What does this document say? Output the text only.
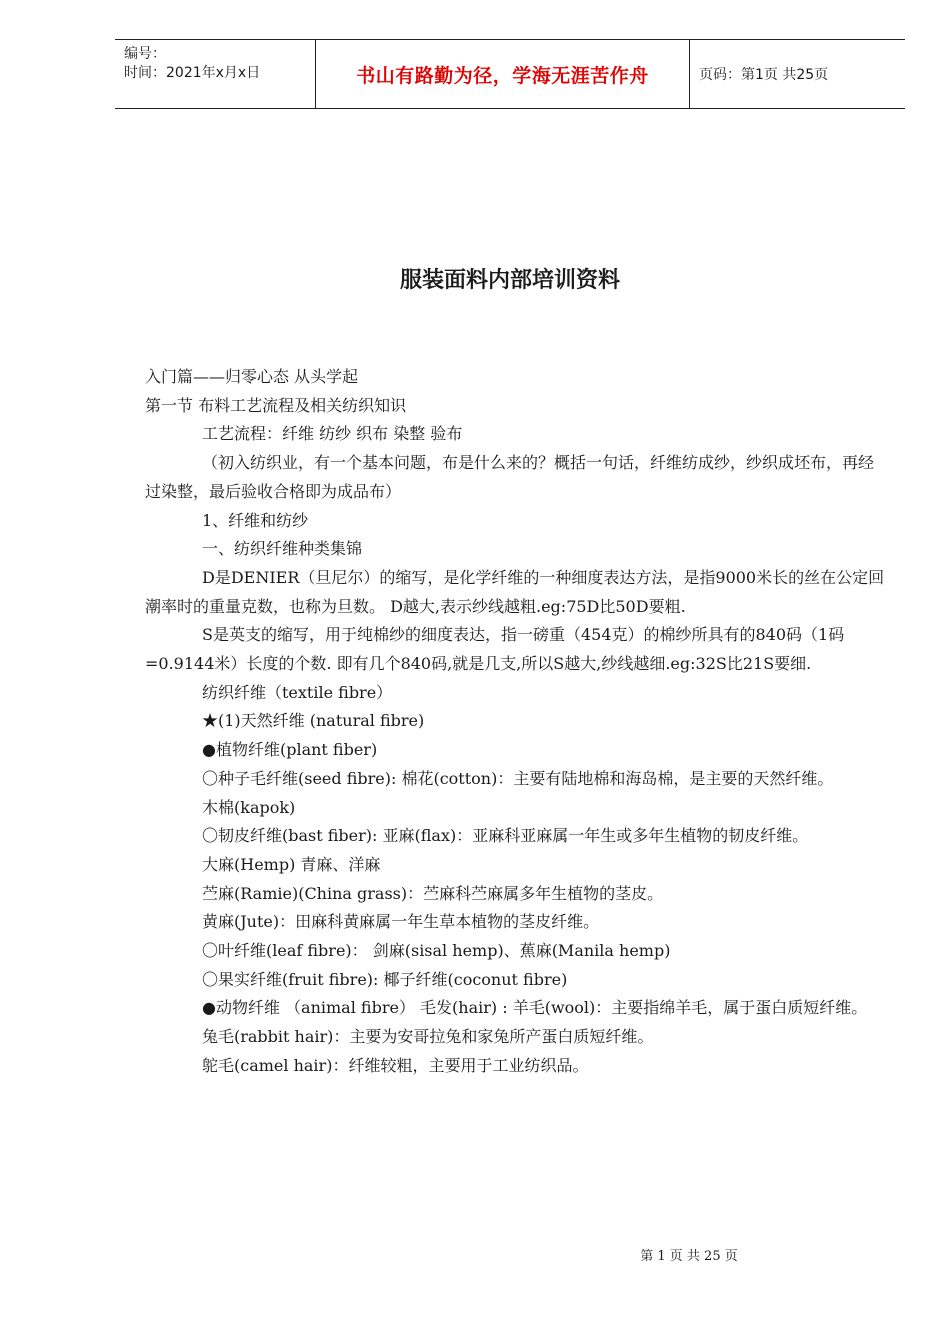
编号：
时间：2021年x月x日	书山有路勤为径，学海无涯苦作舟	页码：第1页 共25页
服装面料内部培训资料

入门篇——归零心态 从头学起

第一节 布料工艺流程及相关纺织知识

工艺流程：纤维 纺纱 织布 染整 验布

（初入纺织业，有一个基本问题，布是什么来的？概括一句话，纤维纺成纱，纱织成坯布，再经过染整，最后验收合格即为成品布）

1、纤维和纺纱

一、纺织纤维种类集锦

D是DENIER（旦尼尔）的缩写，是化学纤维的一种细度表达方法，是指9000米长的丝在公定回潮率时的重量克数，也称为旦数。 D越大,表示纱线越粗.eg:75D比50D要粗.

S是英支的缩写，用于纯棉纱的细度表达，指一磅重（454克）的棉纱所具有的840码（1码=0.9144米）长度的个数. 即有几个840码,就是几支,所以S越大,纱线越细.eg:32S比21S要细.

纺织纤维（textile fibre）

★(1)天然纤维 (natural fibre)

●植物纤维(plant fiber)

〇种子毛纤维(seed fibre): 棉花(cotton)：主要有陆地棉和海岛棉，是主要的天然纤维。

木棉(kapok)

〇韧皮纤维(bast fiber): 亚麻(flax)：亚麻科亚麻属一年生或多年生植物的韧皮纤维。

大麻(Hemp) 青麻、洋麻

苎麻(Ramie)(China grass)：苎麻科苎麻属多年生植物的茎皮。

黄麻(Jute)：田麻科黄麻属一年生草本植物的茎皮纤维。

〇叶纤维(leaf fibre)： 剑麻(sisal hemp)、蕉麻(Manila hemp)

〇果实纤维(fruit fibre): 椰子纤维(coconut fibre)

●动物纤维 （animal fibre） 毛发(hair) : 羊毛(wool)：主要指绵羊毛，属于蛋白质短纤维。

兔毛(rabbit hair)：主要为安哥拉兔和家兔所产蛋白质短纤维。

鸵毛(camel hair)：纤维较粗，主要用于工业纺织品。

第 1 页 共 25 页
